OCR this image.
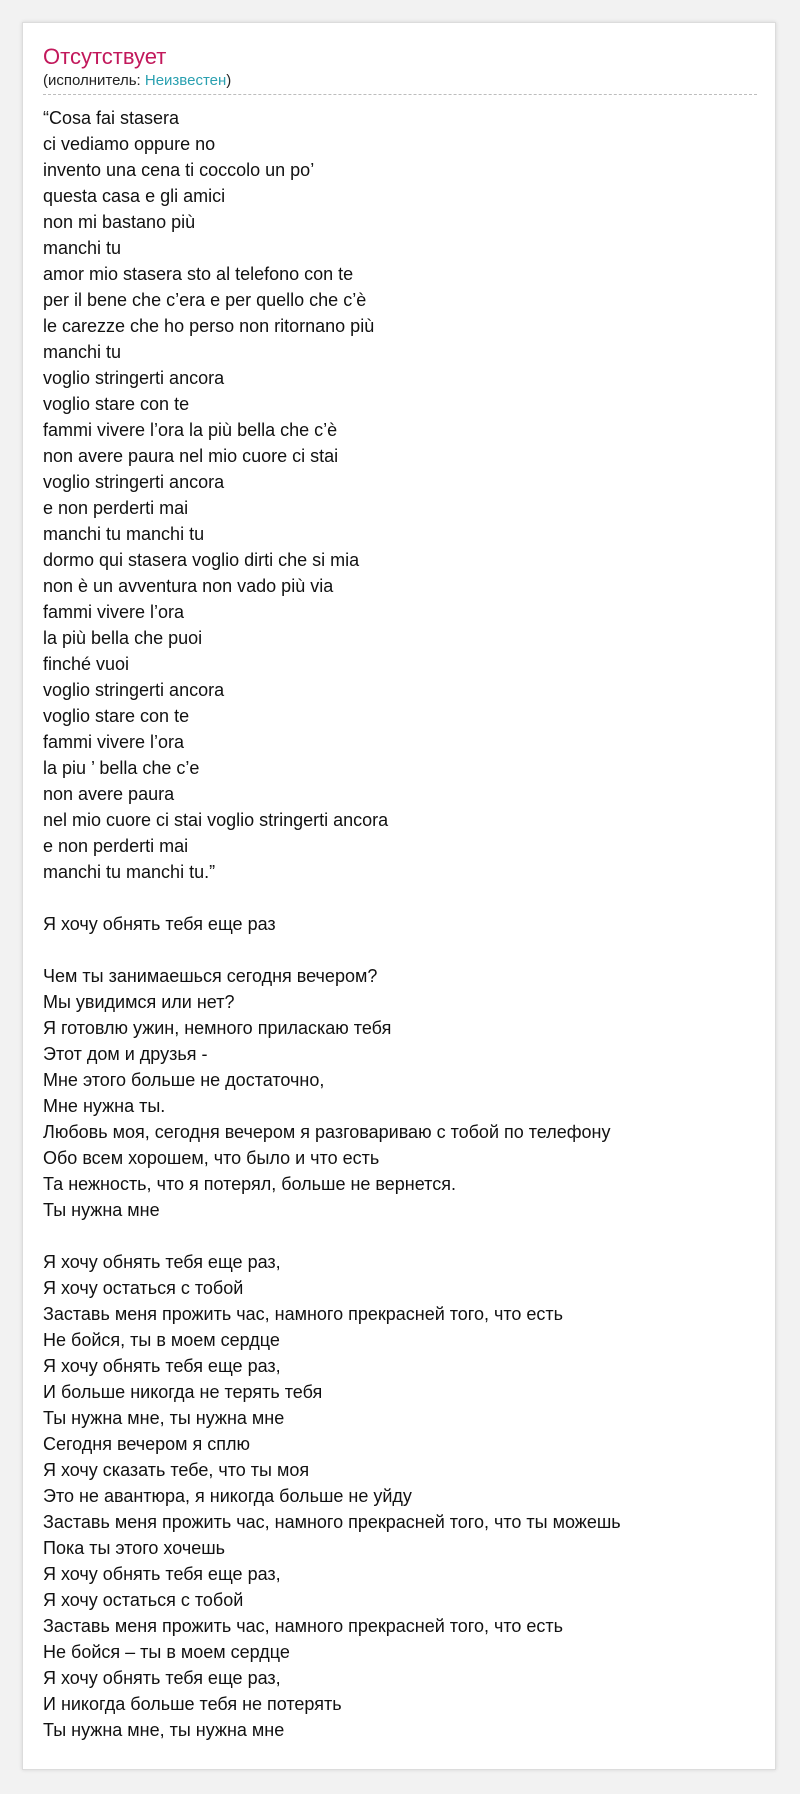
Отсутствует
(исполнитель: Неизвестен)
“Cosa fai stasera
ci vediamo oppure no
invento una cena ti coccolo un po’
questa casa e gli amici
non mi bastano più
manchi tu
amor mio stasera sto al telefono con te
per il bene che c’era e per quello che c’è
le carezze che ho perso non ritornano più
manchi tu
voglio stringerti ancora
voglio stare con te
fammi vivere l’ora la più bella che c’è
non avere paura nel mio cuore ci stai
voglio stringerti ancora
e non perderti mai
manchi tu manchi tu
dormo qui stasera voglio dirti che si mia
non è un avventura non vado più via
fammi vivere l’ora
la più bella che puoi
finché vuoi
voglio stringerti ancora
voglio stare con te
fammi vivere l’ora
la piu ’ bella che c’e
non avere paura
nel mio cuore ci stai voglio stringerti ancora
e non perderti mai
manchi tu manchi tu.”
Я хочу обнять тебя еще раз
Чем ты занимаешься сегодня вечером?
Мы увидимся или нет?
Я готовлю ужин, немного приласкаю тебя
Этот дом и друзья -
Мне этого больше не достаточно,
Мне нужна ты.
Любовь моя, сегодня вечером я разговариваю с тобой по телефону
Обо всем хорошем, что было и что есть
Та нежность, что я потерял, больше не вернется.
Ты нужна мне
Я хочу обнять тебя еще раз,
Я хочу остаться с тобой
Заставь меня прожить час, намного прекрасней того, что есть
Не бойся, ты в моем сердце
Я хочу обнять тебя еще раз,
И больше никогда не терять тебя
Ты нужна мне, ты нужна мне
Сегодня вечером я сплю
Я хочу сказать тебе, что ты моя
Это не авантюра, я никогда больше не уйду
Заставь меня прожить час, намного прекрасней того, что ты можешь
Пока ты этого хочешь
Я хочу обнять тебя еще раз,
Я хочу остаться с тобой
Заставь меня прожить час, намного прекрасней того, что есть
Не бойся – ты в моем сердце
Я хочу обнять тебя еще раз,
И никогда больше тебя не потерять
Ты нужна мне, ты нужна мне
